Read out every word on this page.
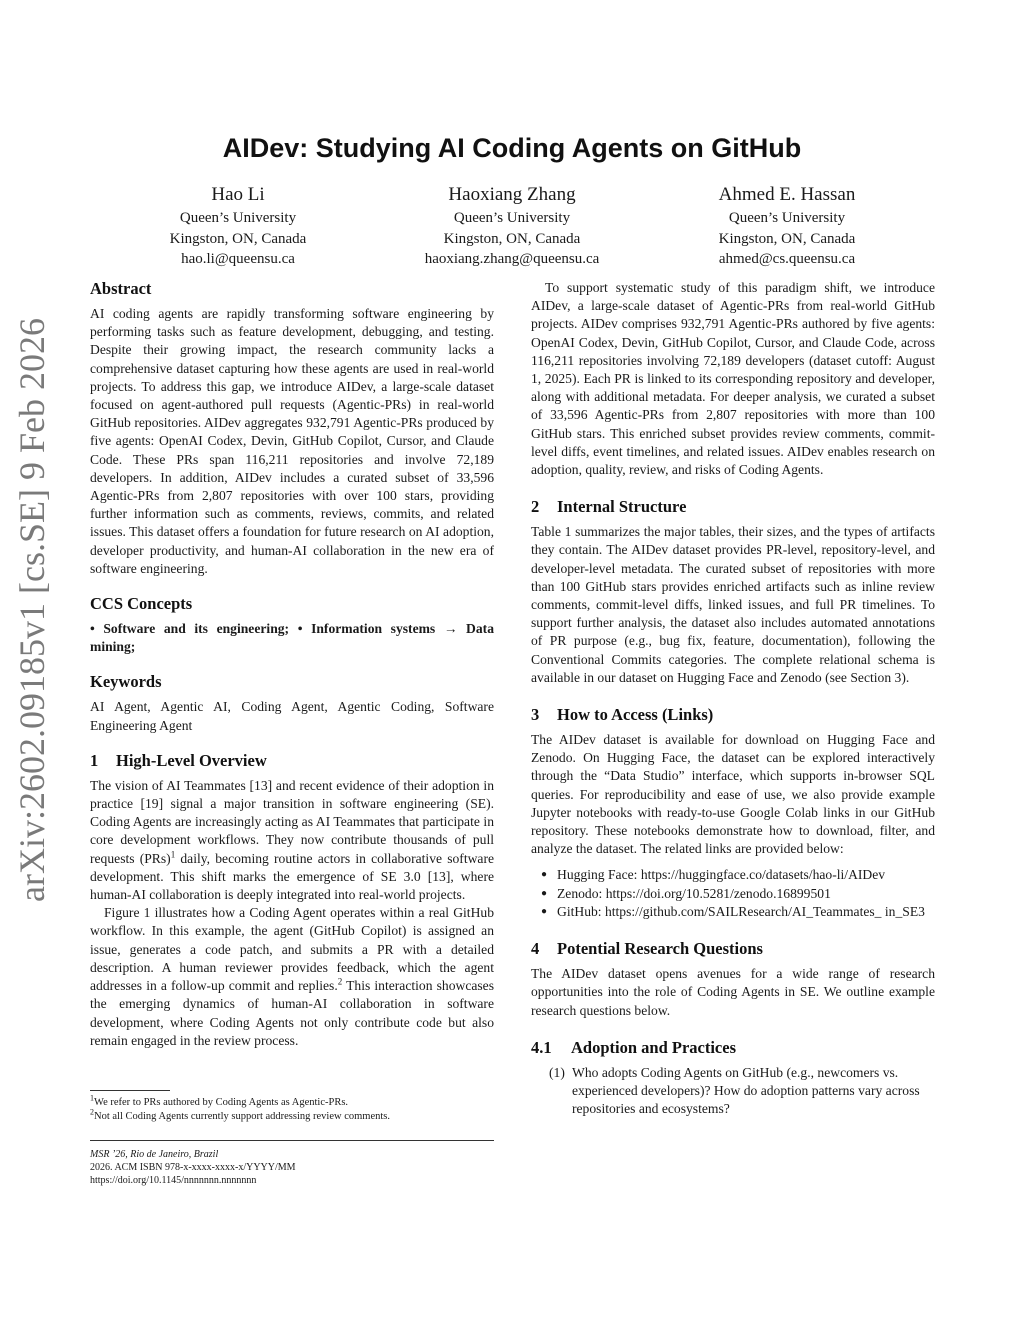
arXiv:2602.09185v1 [cs.SE] 9 Feb 2026
AIDev: Studying AI Coding Agents on GitHub
Hao Li
Queen’s University
Kingston, ON, Canada
hao.li@queensu.ca
Haoxiang Zhang
Queen’s University
Kingston, ON, Canada
haoxiang.zhang@queensu.ca
Ahmed E. Hassan
Queen’s University
Kingston, ON, Canada
ahmed@cs.queensu.ca
Abstract

AI coding agents are rapidly transforming software engineering by performing tasks such as feature development, debugging, and testing. Despite their growing impact, the research community lacks a comprehensive dataset capturing how these agents are used in real-world projects. To address this gap, we introduce AIDev, a large-scale dataset focused on agent-authored pull requests (Agentic-PRs) in real-world GitHub repositories. AIDev aggregates 932,791 Agentic-PRs produced by five agents: OpenAI Codex, Devin, GitHub Copilot, Cursor, and Claude Code. These PRs span 116,211 repositories and involve 72,189 developers. In addition, AIDev includes a curated subset of 33,596 Agentic-PRs from 2,807 repositories with over 100 stars, providing further information such as comments, reviews, commits, and related issues. This dataset offers a foundation for future research on AI adoption, developer productivity, and human-AI collaboration in the new era of software engineering.

CCS Concepts

• Software and its engineering; • Information systems → Data mining;

Keywords

AI Agent, Agentic AI, Coding Agent, Agentic Coding, Software Engineering Agent

1 High-Level Overview

The vision of AI Teammates [13] and recent evidence of their adoption in practice [19] signal a major transition in software engineering (SE). Coding Agents are increasingly acting as AI Teammates that participate in core development workflows. They now contribute thousands of pull requests (PRs)$^1$ daily, becoming routine actors in collaborative software development. This shift marks the emergence of SE 3.0 [13], where human-AI collaboration is deeply integrated into real-world projects.

Figure 1 illustrates how a Coding Agent operates within a real GitHub workflow. In this example, the agent (GitHub Copilot) is assigned an issue, generates a code patch, and submits a PR with a detailed description. A human reviewer provides feedback, which the agent addresses in a follow-up commit and replies.$^2$ This interaction showcases the emerging dynamics of human-AI collaboration in software development, where Coding Agents not only contribute code but also remain engaged in the review process.

$^1$We refer to PRs authored by Coding Agents as Agentic-PRs.
$^2$Not all Coding Agents currently support addressing review comments.
MSR ’26, Rio de Janeiro, Brazil
2026. ACM ISBN 978-x-xxxx-xxxx-x/YYYY/MM
https://doi.org/10.1145/nnnnnnn.nnnnnnn

To support systematic study of this paradigm shift, we introduce AIDev, a large-scale dataset of Agentic-PRs from real-world GitHub projects. AIDev comprises 932,791 Agentic-PRs authored by five agents: OpenAI Codex, Devin, GitHub Copilot, Cursor, and Claude Code, across 116,211 repositories involving 72,189 developers (dataset cutoff: August 1, 2025). Each PR is linked to its corresponding repository and developer, along with additional metadata. For deeper analysis, we curated a subset of 33,596 Agentic-PRs from 2,807 repositories with more than 100 GitHub stars. This enriched subset provides review comments, commit-level diffs, event timelines, and related issues. AIDev enables research on adoption, quality, review, and risks of Coding Agents.

2 Internal Structure

Table 1 summarizes the major tables, their sizes, and the types of artifacts they contain. The AIDev dataset provides PR-level, repository-level, and developer-level metadata. The curated subset of repositories with more than 100 GitHub stars provides enriched artifacts such as inline review comments, commit-level diffs, linked issues, and full PR timelines. To support further analysis, the dataset also includes automated annotations of PR purpose (e.g., bug fix, feature, documentation), following the Conventional Commits categories. The complete relational schema is available in our dataset on Hugging Face and Zenodo (see Section 3).

3 How to Access (Links)

The AIDev dataset is available for download on Hugging Face and Zenodo. On Hugging Face, the dataset can be explored interactively through the “Data Studio” interface, which supports in-browser SQL queries. For reproducibility and ease of use, we also provide example Jupyter notebooks with ready-to-use Google Colab links in our GitHub repository. These notebooks demonstrate how to download, filter, and analyze the dataset. The related links are provided below:

● Hugging Face: https://huggingface.co/datasets/hao-li/AIDev
● Zenodo: https://doi.org/10.5281/zenodo.16899501
● GitHub: https://github.com/SAILResearch/AI_Teammates_ in_SE3
4 Potential Research Questions

The AIDev dataset opens avenues for a wide range of research opportunities into the role of Coding Agents in SE. We outline example research questions below.

4.1 Adoption and Practices
(1) Who adopts Coding Agents on GitHub (e.g., newcomers vs. experienced developers)? How do adoption patterns vary across repositories and ecosystems?
